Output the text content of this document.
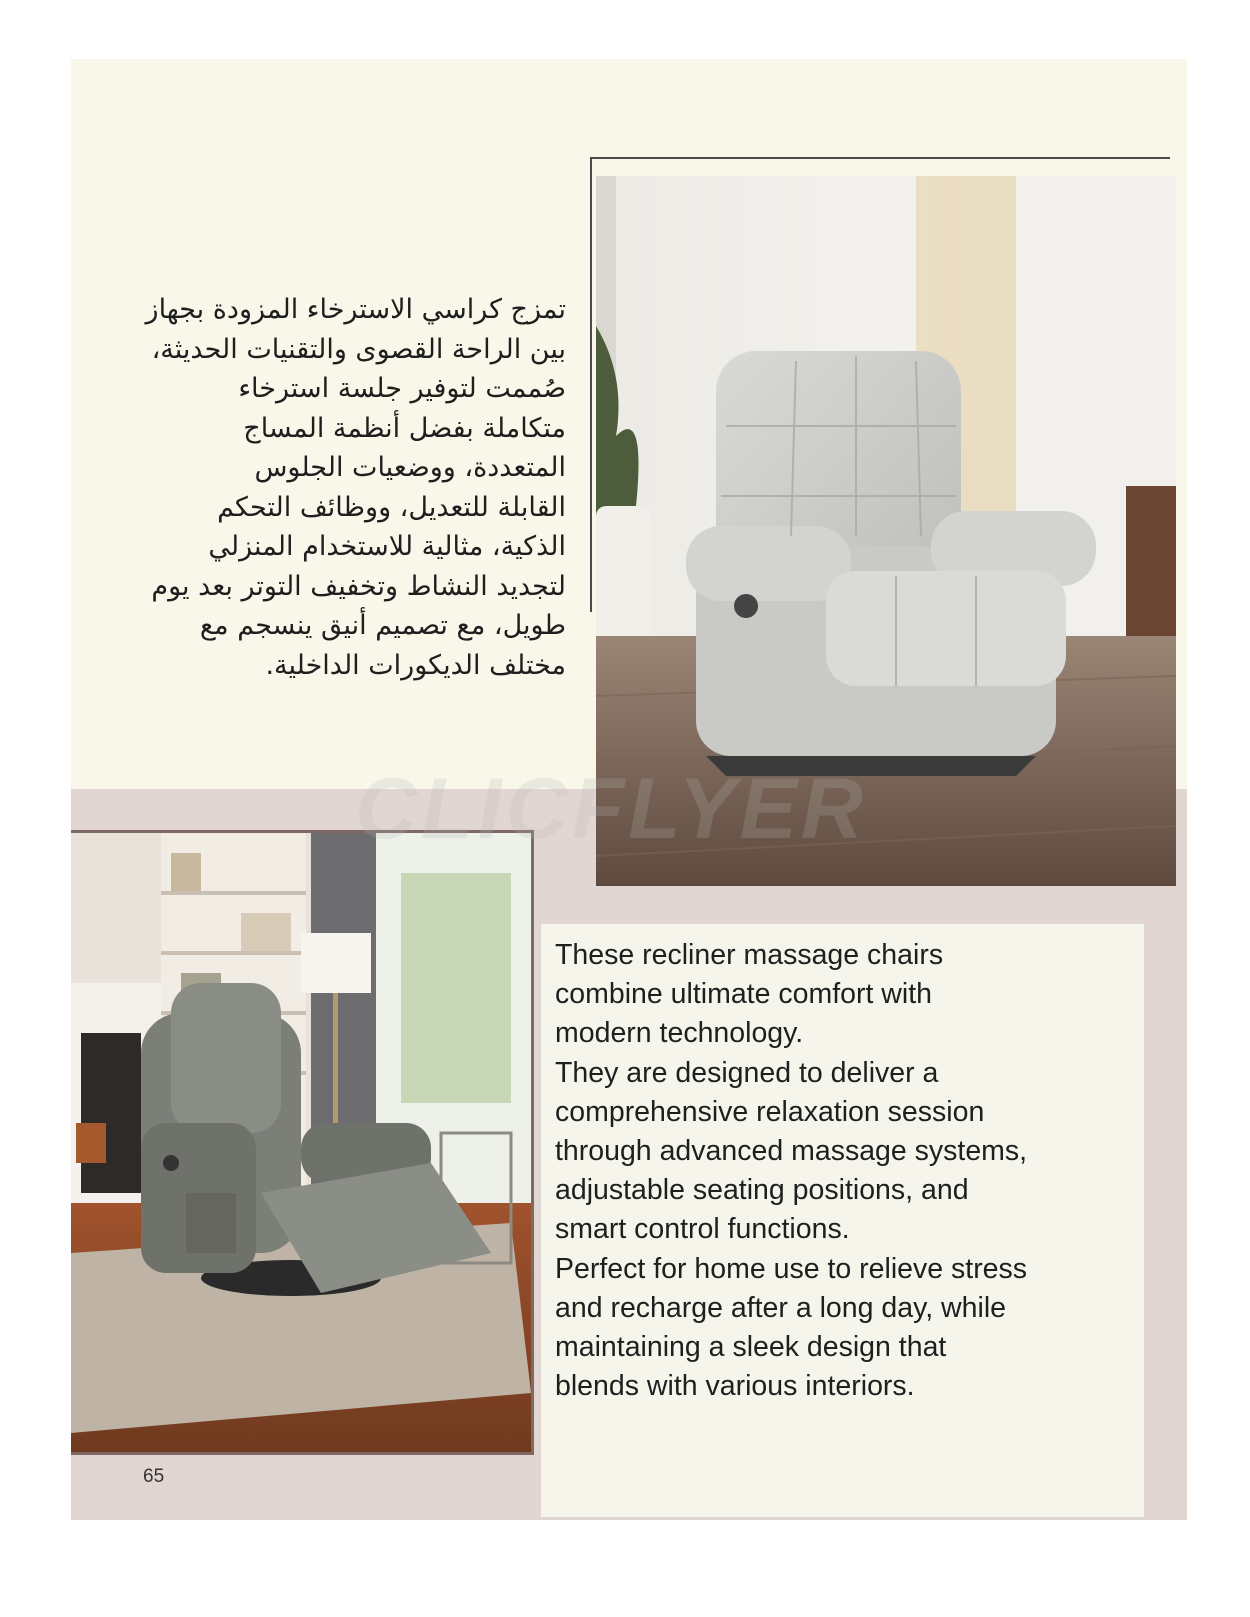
CLICFLYER

تمزج كراسي الاسترخاء المزودة بجهاز
بين الراحة القصوى والتقنيات الحديثة،
صُممت لتوفير جلسة استرخاء
متكاملة بفضل أنظمة المساج
المتعددة، ووضعيات الجلوس
القابلة للتعديل، ووظائف التحكم
الذكية، مثالية للاستخدام المنزلي
لتجديد النشاط وتخفيف التوتر بعد يوم
طويل، مع تصميم أنيق ينسجم مع
مختلف الديكورات الداخلية.

These recliner massage chairs
combine ultimate comfort with
modern technology.
They are designed to deliver a
comprehensive relaxation session
through advanced massage systems,
adjustable seating positions, and
smart control functions.
Perfect for home use to relieve stress
and recharge after a long day, while
maintaining a sleek design that
blends with various interiors.

65
